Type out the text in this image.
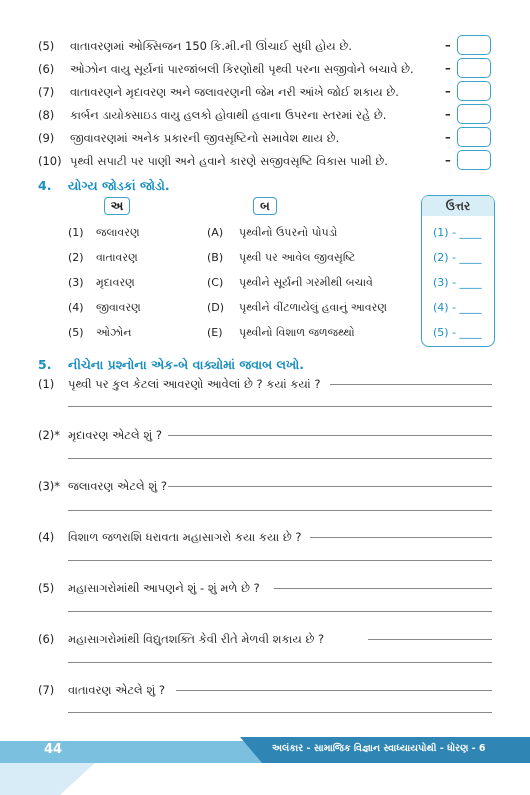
(5) વાતાવરણમાં ઓક્સિજન 150 કિ.મી.ની ઊંચાઈ સુધી હોય છે.	–
(6) ઓઝોન વાયુ સૂર્યનાં પારજાંબલી કિરણોથી પૃથ્વી પરના સજીવોને બચાવે છે.	–
(7) વાતાવરણને મૃદાવરણ અને જલાવરણની જેમ નરી આંખે જોઈ શકાય છે.	–
(8) કાર્બન ડાયોક્સાઇડ વાયુ હલકો હોવાથી હવાના ઉપરના સ્તરમાં રહે છે.	–
(9) જીવાવરણમાં અનેક પ્રકારની જીવસૃષ્ટિનો સમાવેશ થાય છે.	–
(10) પૃથ્વી સપાટી પર પાણી અને હવાને કારણે સજીવસૃષ્ટિ વિકાસ પામી છે.	–
4. યોગ્ય જોડકાં જોડો.
અ	બ	ઉત્તર
(1) જલાવરણ	(A) પૃથ્વીનો ઉપરનો પોપડો	(1) - ____
(2) વાતાવરણ	(B) પૃથ્વી પર આવેલ જીવસૃષ્ટિ	(2) - ____
(3) મૃદાવરણ	(C) પૃથ્વીને સૂર્યની ગરમીથી બચાવે	(3) - ____
(4) જીવાવરણ	(D) પૃથ્વીને વીંટળાયેલું હવાનું આવરણ	(4) - ____
(5) ઓઝોન	(E) પૃથ્વીનો વિશાળ જળજથ્થો	(5) - ____
5. નીચેના પ્રશ્નોના એક-બે વાક્યોમાં જવાબ લખો.
(1) પૃથ્વી પર કુલ કેટલાં આવરણો આવેલાં છે ? કયાં કયાં ?
(2)* મૃદાવરણ એટલે શું ?
(3)* જલાવરણ એટલે શું ?
(4) વિશાળ જળરાશિ ધરાવતા મહાસાગરો કયા કયા છે ?
(5) મહાસાગરોમાંથી આપણને શું - શું મળે છે ?
(6) મહાસાગરોમાંથી વિદ્યુતશક્તિ કેવી રીતે મેળવી શકાય છે ?
(7) વાતાવરણ એટલે શું ?
44	અલંકાર - સામાજિક વિજ્ઞાન સ્વાધ્યાયપોથી - ધોરણ - 6
